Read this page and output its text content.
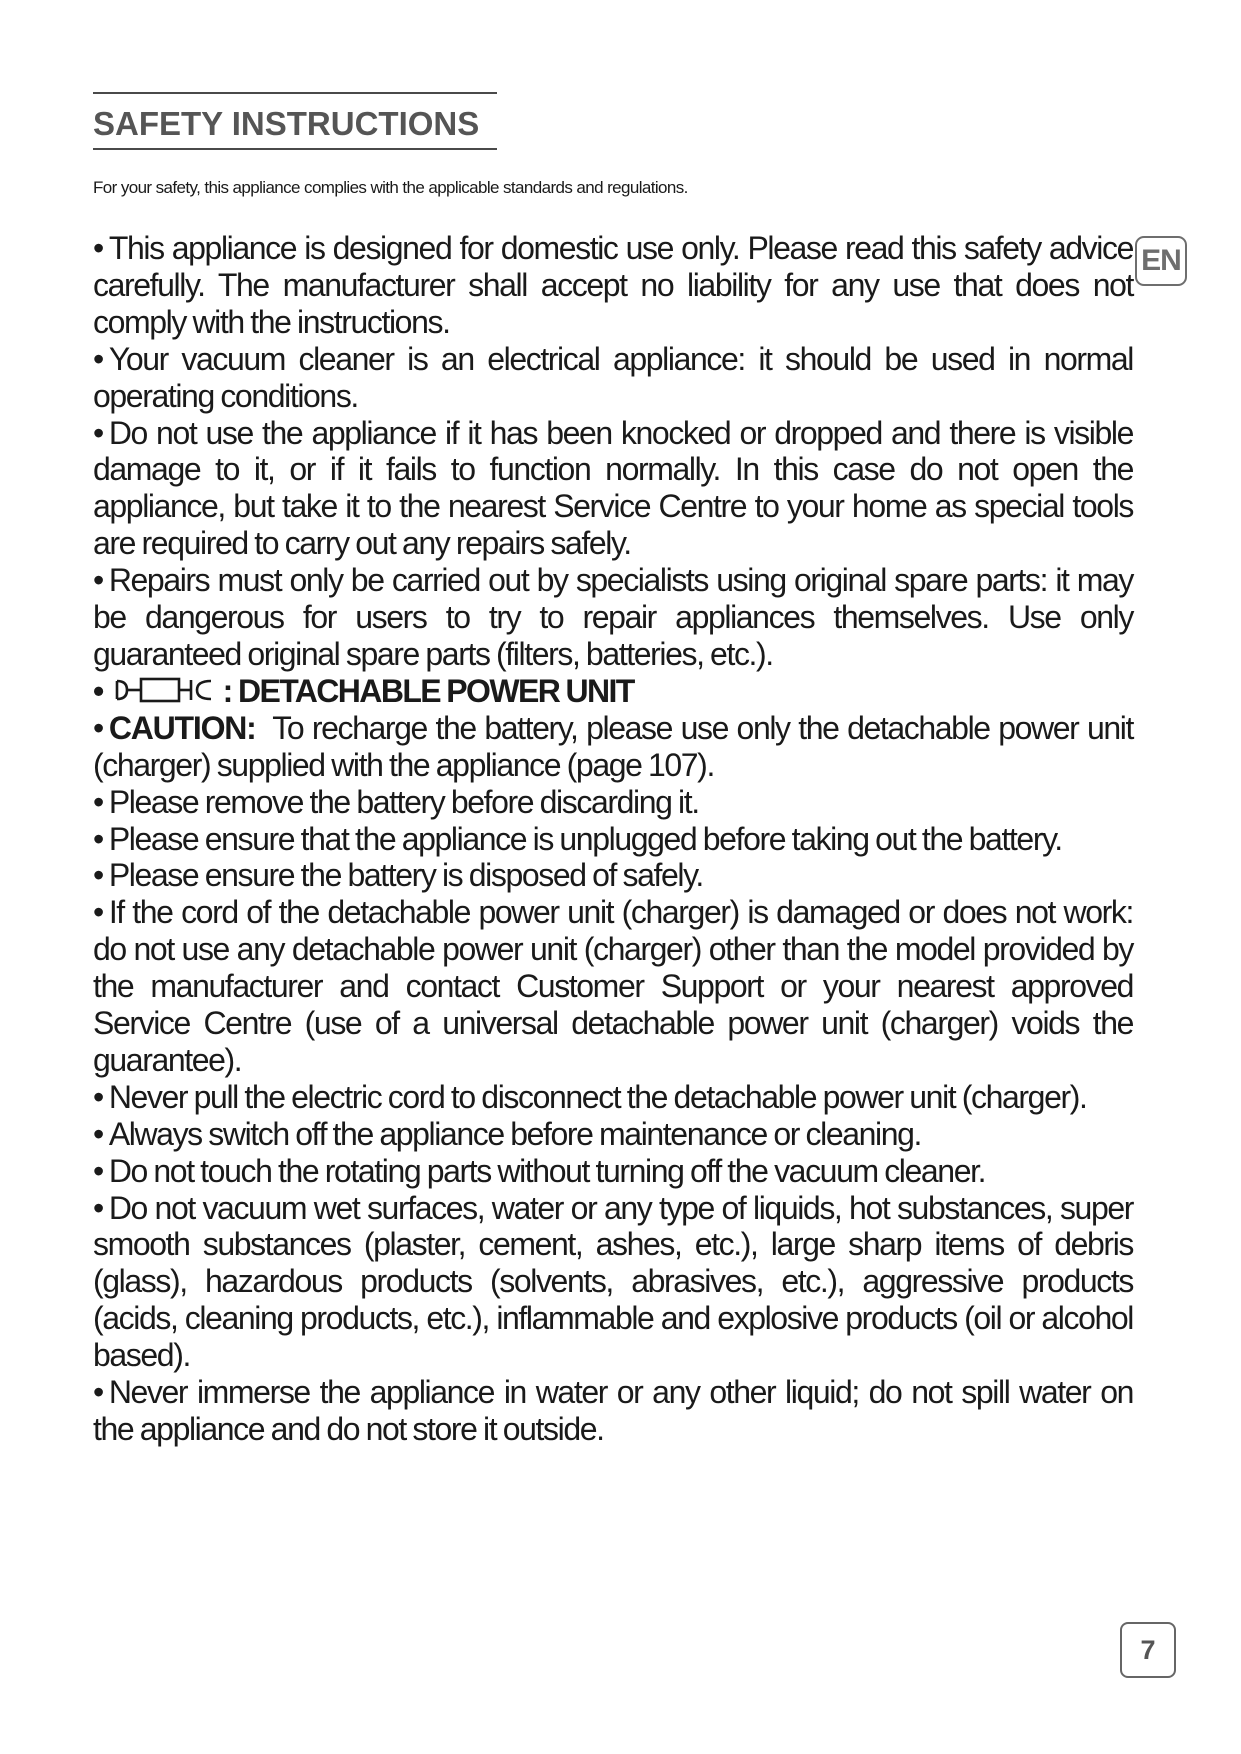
SAFETY INSTRUCTIONS
For your safety, this appliance complies with the applicable standards and regulations.
EN

• This appliance is designed for domestic use only. Please read this safety advice carefully. The manufacturer shall accept no liability for any use that does not comply with the instructions.

• Your vacuum cleaner is an electrical appliance: it should be used in normal operating conditions.

• Do not use the appliance if it has been knocked or dropped and there is visible damage to it, or if it fails to function normally. In this case do not open the appliance, but take it to the nearest Service Centre to your home as special tools are required to carry out any repairs safely.

• Repairs must only be carried out by specialists using original spare parts: it may be dangerous for users to try to repair appliances themselves. Use only guaranteed original spare parts (filters, batteries, etc.).

•	: DETACHABLE POWER UNIT

• CAUTION: To recharge the battery, please use only the detachable power unit (charger) supplied with the appliance (page 107).

• Please remove the battery before discarding it.

• Please ensure that the appliance is unplugged before taking out the battery.

• Please ensure the battery is disposed of safely.

• If the cord of the detachable power unit (charger) is damaged or does not work: do not use any detachable power unit (charger) other than the model provided by the manufacturer and contact Customer Support or your nearest approved Service Centre (use of a universal detachable power unit (charger) voids the guarantee).

• Never pull the electric cord to disconnect the detachable power unit (charger).

• Always switch off the appliance before maintenance or cleaning.

• Do not touch the rotating parts without turning off the vacuum cleaner.

• Do not vacuum wet surfaces, water or any type of liquids, hot substances, super smooth substances (plaster, cement, ashes, etc.), large sharp items of debris (glass), hazardous products (solvents, abrasives, etc.), aggressive products (acids, cleaning products, etc.), inflammable and explosive products (oil or alcohol based).

• Never immerse the appliance in water or any other liquid; do not spill water on the appliance and do not store it outside.

7
